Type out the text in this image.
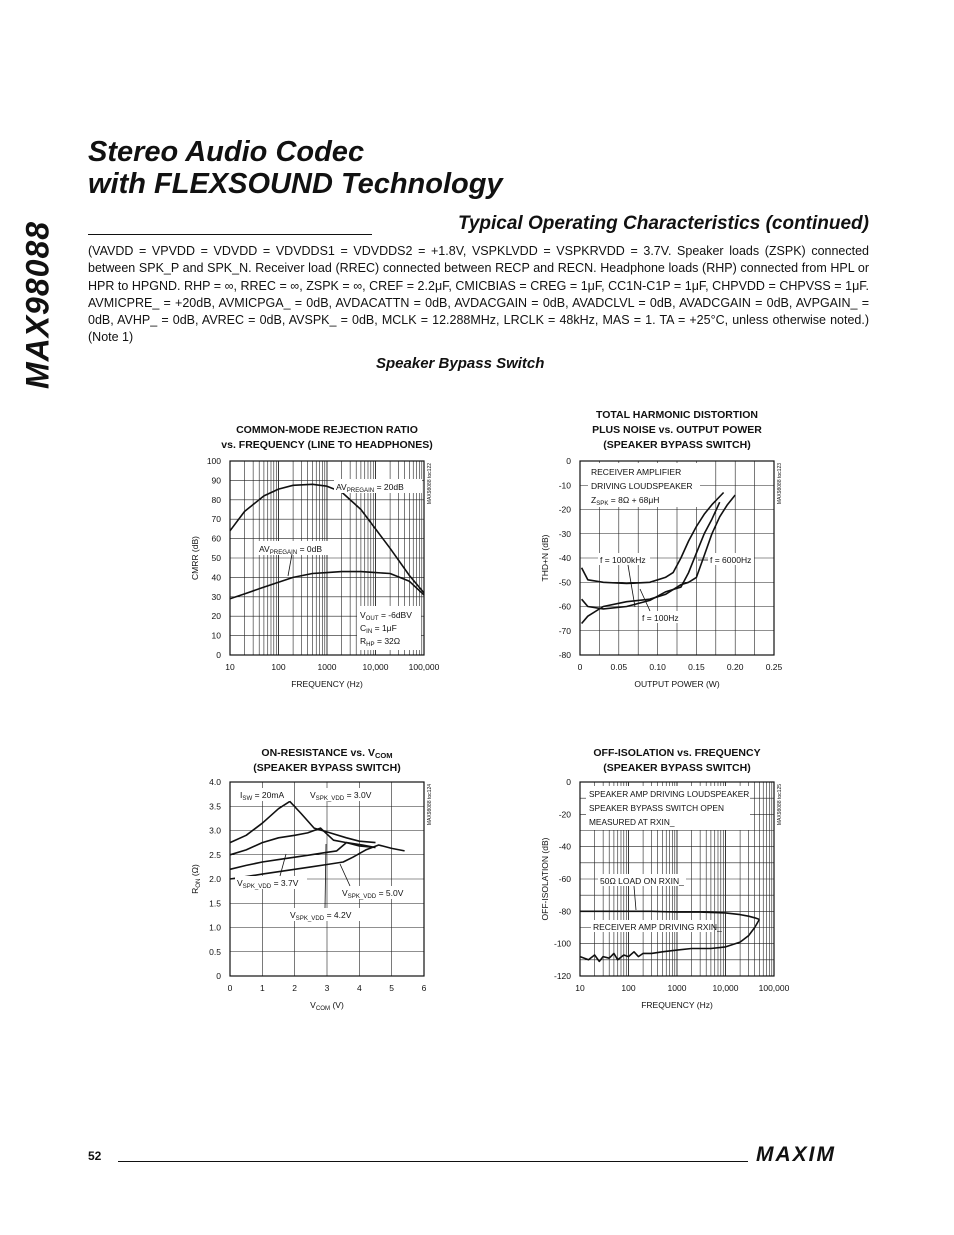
MAX98088
Stereo Audio Codec
with FLEXSOUND Technology
Typical Operating Characteristics (continued)

(VAVDD = VPVDD = VDVDD = VDVDDS1 = VDVDDS2 = +1.8V, VSPKLVDD = VSPKRVDD = 3.7V. Speaker loads (ZSPK) connected between SPK_P and SPK_N. Receiver load (RREC) connected between RECP and RECN. Headphone loads (RHP) connected from HPL or HPR to HPGND. RHP = ∞, RREC = ∞, ZSPK = ∞, CREF = 2.2μF, CMICBIAS = CREG = 1μF, CC1N-C1P = 1μF, CHPVDD = CHPVSS = 1μF. AVMICPRE_ = +20dB, AVMICPGA_ = 0dB, AVDACATTN = 0dB, AVDACGAIN = 0dB, AVADCLVL = 0dB, AVADCGAIN = 0dB, AVPGAIN_ = 0dB, AVHP_ = 0dB, AVREC = 0dB, AVSPK_ = 0dB, MCLK = 12.288MHz, LRCLK = 48kHz, MAS = 1. TA = +25°C, unless otherwise noted.) (Note 1)

Speaker Bypass Switch
COMMON-MODE REJECTION RATIO
vs. FREQUENCY (LINE TO HEADPHONES)
10	100	1000	10,000 100,000
0
10
20
30
40
50
60
70
80
90
100
FREQUENCY (Hz)
CMRR (dB)
MAX98088 toc122
$AV_{PREGAIN} = 20dB$
$AV_{PREGAIN} = 0dB$
$V_{OUT} = -6dBV$
$C_{IN} = 1\mu F$
$R_{HP} = 32\Omega$
TOTAL HARMONIC DISTORTION
PLUS NOISE vs. OUTPUT POWER
(SPEAKER BYPASS SWITCH)
0	0.05	0.10	0.15	0.20	0.25
0
-10
-20
-30
-40
-50
-60
-70
-80
OUTPUT POWER (W)
THD+N (dB)
MAX98088 toc123
RECEIVER AMPLIFIER
DRIVING LOUDSPEAKER
$Z_{SPK} = 8\Omega + 68\mu H$
f = 1000kHz	f = 6000Hz
f = 100Hz
0	1	2	3	4	5	6
0
0.5
1.0
1.5
2.0
2.5
3.0
3.5
4.0
MAX98088 toc124
ON-RESISTANCE vs. VCOM
(SPEAKER BYPASS SWITCH)
$V_{COM}$ (V)
$R_{ON}$ (Ω)
$I_{SW} = 20mA$	$V_{SPK\_VDD} = 3.0V$
$V_{SPK\_VDD} = 3.7V$
$V_{SPK\_VDD} = 5.0V$
$V_{SPK\_VDD} = 4.2V$
OFF-ISOLATION vs. FREQUENCY
(SPEAKER BYPASS SWITCH)
10	100	1000	10,000 100,000
0
-20
-40
-60
-80
-100
-120
FREQUENCY (Hz)
OFF-ISOLATION (dB)
MAX98088 toc125
SPEAKER AMP DRIVING LOUDSPEAKER
SPEAKER BYPASS SWITCH OPEN
MEASURED AT RXIN_
50Ω LOAD ON RXIN_
RECEIVER AMP DRIVING RXIN_
52	MAXIM
